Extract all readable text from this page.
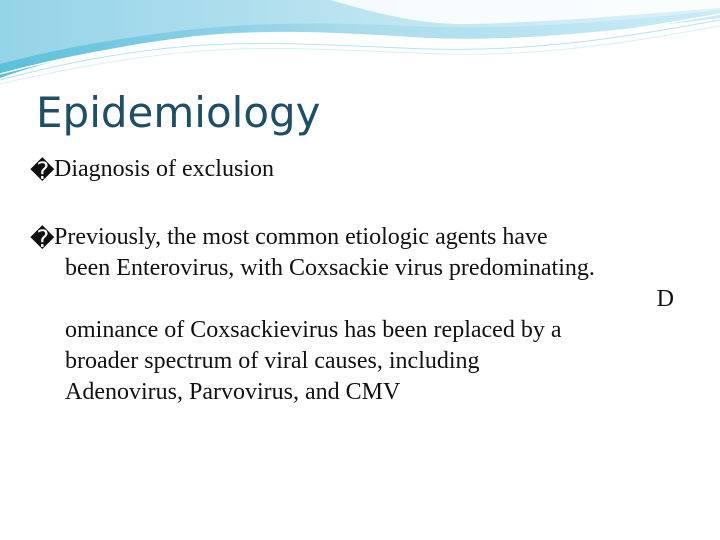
Epidemiology
�Diagnosis of exclusion
�Previously, the most common etiologic agents have
been Enterovirus, with Coxsackie virus predominating.
D
ominance of Coxsackievirus has been replaced by a
broader spectrum of viral causes, including
Adenovirus, Parvovirus, and CMV
